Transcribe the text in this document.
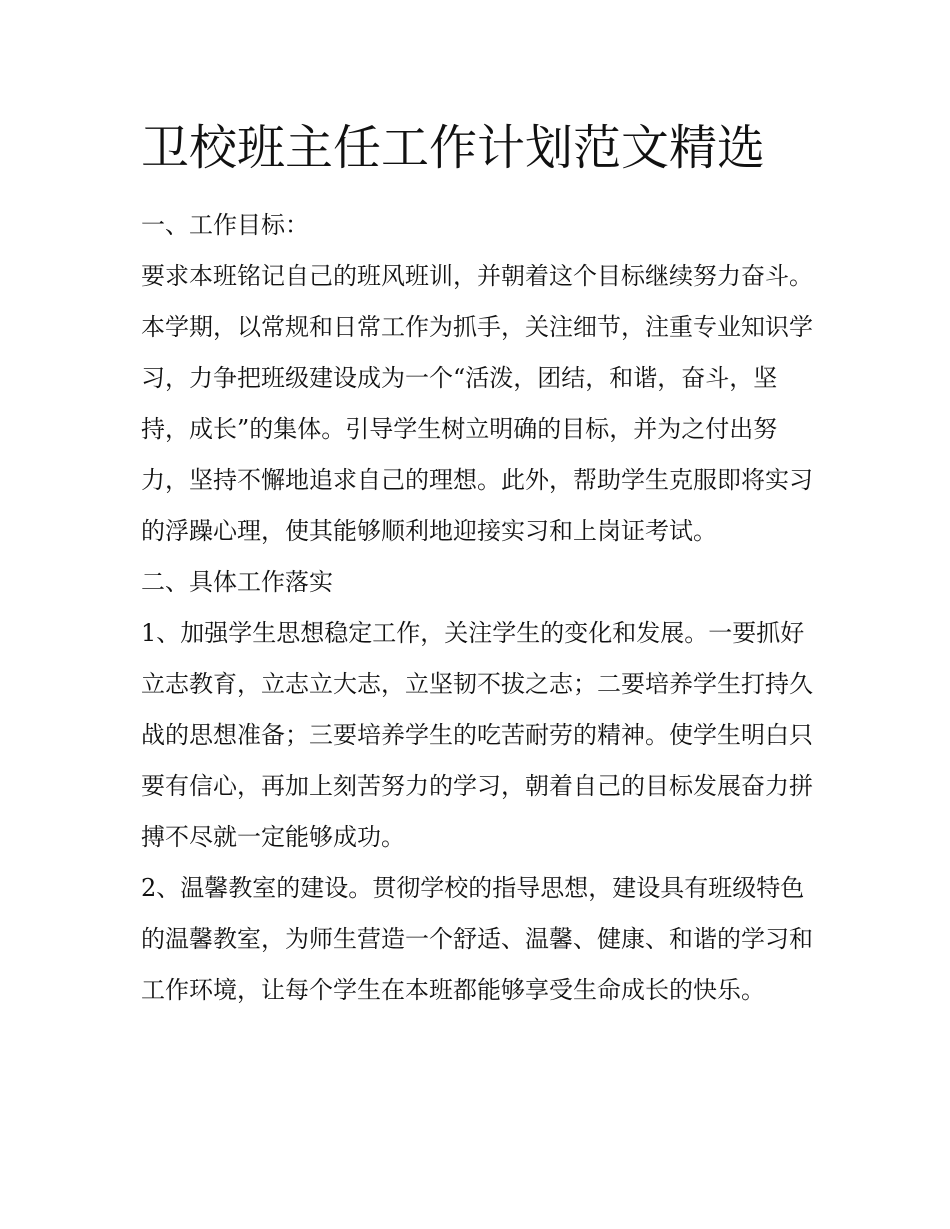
卫校班主任工作计划范文精选

一、工作目标：

要求本班铭记自己的班风班训，并朝着这个目标继续努力奋斗。本学期，以常规和日常工作为抓手，关注细节，注重专业知识学习，力争把班级建设成为一个“活泼，团结，和谐，奋斗，坚持，成长”的集体。引导学生树立明确的目标，并为之付出努力，坚持不懈地追求自己的理想。此外，帮助学生克服即将实习的浮躁心理，使其能够顺利地迎接实习和上岗证考试。

二、具体工作落实

1、加强学生思想稳定工作，关注学生的变化和发展。一要抓好立志教育，立志立大志，立坚韧不拔之志；二要培养学生打持久战的思想准备；三要培养学生的吃苦耐劳的精神。使学生明白只要有信心，再加上刻苦努力的学习，朝着自己的目标发展奋力拼搏不尽就一定能够成功。

2、温馨教室的建设。贯彻学校的指导思想，建设具有班级特色的温馨教室，为师生营造一个舒适、温馨、健康、和谐的学习和工作环境，让每个学生在本班都能够享受生命成长的快乐。
